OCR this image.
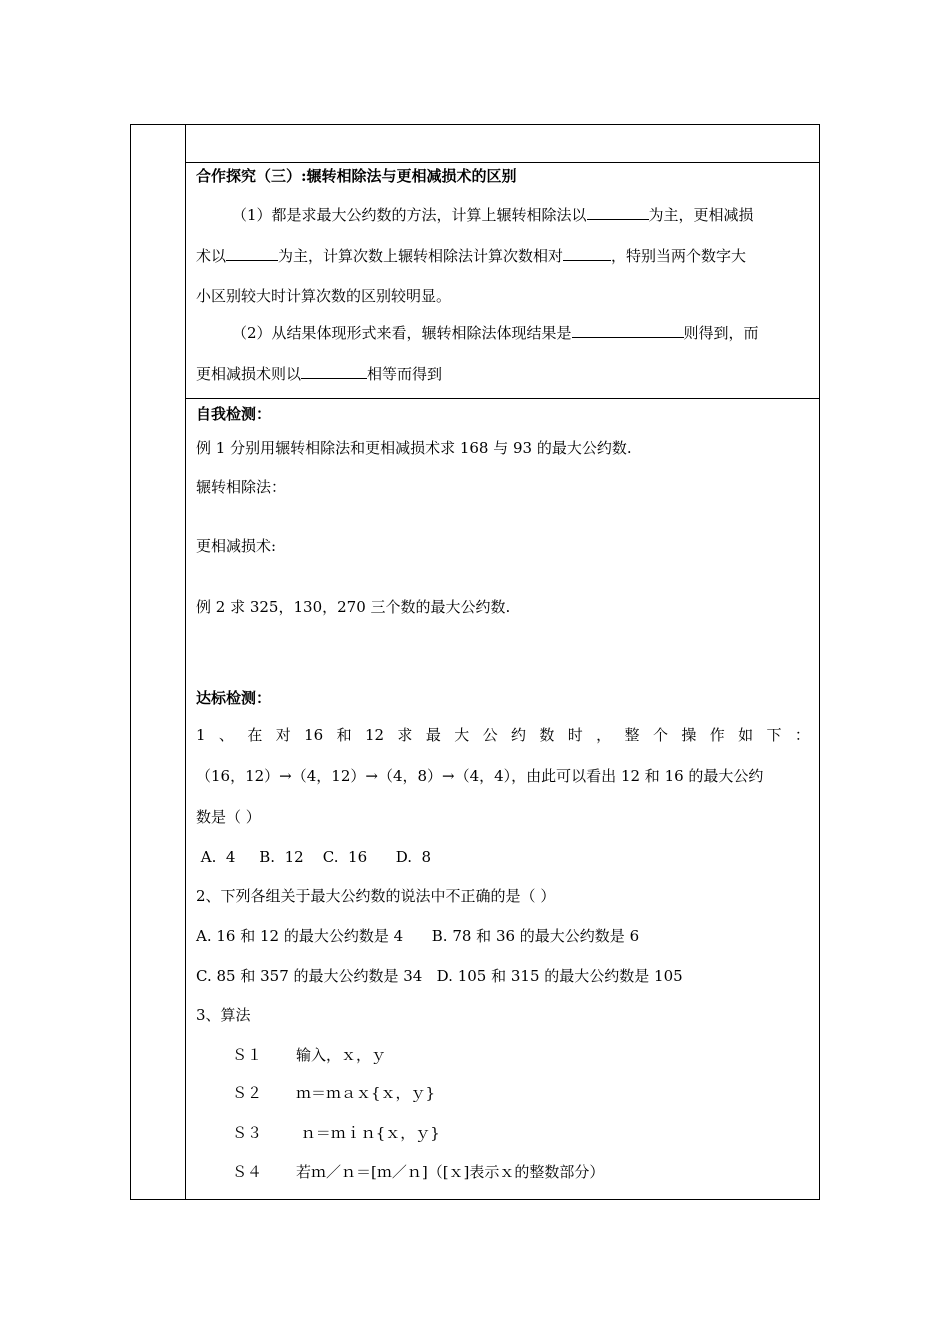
合作探究（三）:辗转相除法与更相减损术的区别
（1）都是求最大公约数的方法，计算上辗转相除法以	为主，更相减损
术以	为主，计算次数上辗转相除法计算次数相对	，特别当两个数字大
小区别较大时计算次数的区别较明显。
（2）从结果体现形式来看，辗转相除法体现结果是	则得到，而
更相减损术则以	相等而得到
自我检测：
例 1 分别用辗转相除法和更相减损术求 168 与 93 的最大公约数.
辗转相除法：
更相减损术:
例 2 求 325，130，270 三个数的最大公约数.
达标检测：
1 、 在 对 16 和 12 求 最 大 公 约 数 时 ， 整 个 操 作 如 下 ：
（16，12）→（4，12）→（4，8）→（4，4），由此可以看出 12 和 16 的最大公约
数是（ ）
A.  4     B.  12    C.  16      D.  8
2、下列各组关于最大公约数的说法中不正确的是（ ）
A. 16 和 12 的最大公约数是 4      B. 78 和 36 的最大公约数是 6
C. 85 和 357 的最大公约数是 34   D. 105 和 315 的最大公约数是 105
3、算法
Ｓ１ 输入，ｘ，ｙ
Ｓ２ ｍ＝ｍａｘ{ｘ，ｙ}
Ｓ３ ｎ＝ｍｉｎ{ｘ，ｙ}
Ｓ４ 若ｍ／ｎ＝[ｍ／ｎ]（[ｘ]表示ｘ的整数部分）
